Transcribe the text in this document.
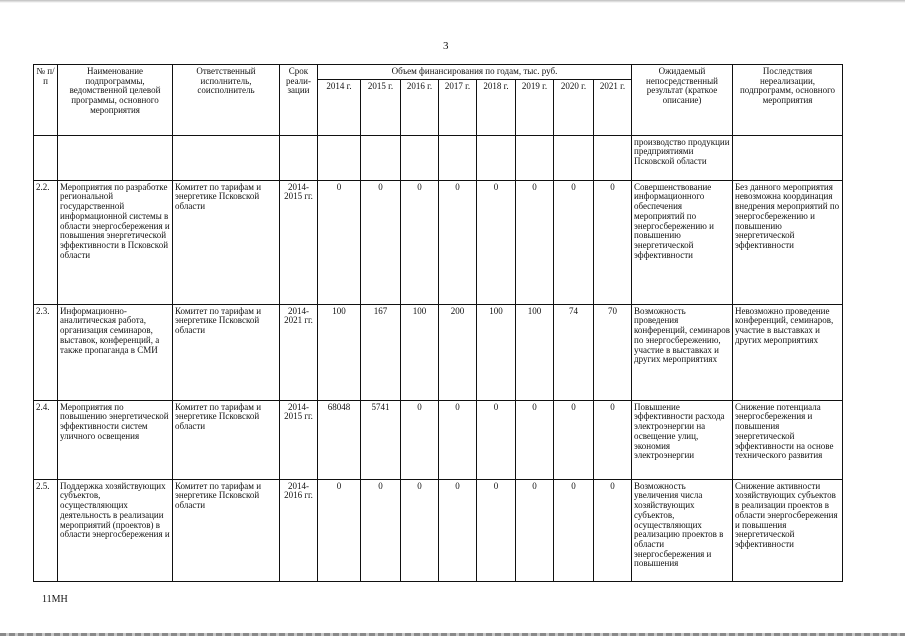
3
№ п/п	Наименование подпрограммы, ведомственной целевой программы, основного мероприятия	Ответственный исполнитель, соисполнитель	Срок реали-зации	Объем финансирования по годам, тыс. руб.								Ожидаемый непосредственный результат (краткое описание)	Последствия нереализации, подпрограмм, основного мероприятия
				2014 г.	2015 г.	2016 г.	2017 г.	2018 г.	2019 г.	2020 г.	2021 г.		
												производство продукции предприятиями Псковской области	
2.2.	Мероприятия по разработке региональной государственной информационной системы в области энергосбережения и повышения энергетической эффективности в Псковской области	Комитет по тарифам и энергетике Псковской области	2014-2015 гг.	0	0	0	0	0	0	0	0	Совершенствование информационного обеспечения мероприятий по энергосбережению и повышению энергетической эффективности	Без данного мероприятия невозможна координация внедрения мероприятий по энергосбережению и повышению энергетической эффективности
2.3.	Информационно-аналитическая работа, организация семинаров, выставок, конференций, а также пропаганда в СМИ	Комитет по тарифам и энергетике Псковской области	2014-2021 гг.	100	167	100	200	100	100	74	70	Возможность проведения конференций, семинаров по энергосбережению, участие в выставках и других мероприятиях	Невозможно проведение конференций, семинаров, участие в выставках и других мероприятиях
2.4.	Мероприятия по повышению энергетической эффективности систем уличного освещения	Комитет по тарифам и энергетике Псковской области	2014-2015 гг.	68048	5741	0	0	0	0	0	0	Повышение эффективности расхода электроэнергии на освещение улиц, экономия электроэнергии	Снижение потенциала энергосбережения и повышения энергетической эффективности на основе технического развития
2.5.	Поддержка хозяйствующих субъектов, осуществляющих деятельность в реализации мероприятий (проектов) в области энергосбережения и	Комитет по тарифам и энергетике Псковской области	2014-2016 гг.	0	0	0	0	0	0	0	0	Возможность увеличения числа хозяйствующих субъектов, осуществляющих реализацию проектов в области энергосбережения и повышения	Снижение активности хозяйствующих субъектов в реализации проектов в области энергосбережения и повышения энергетической эффективности
11МН
